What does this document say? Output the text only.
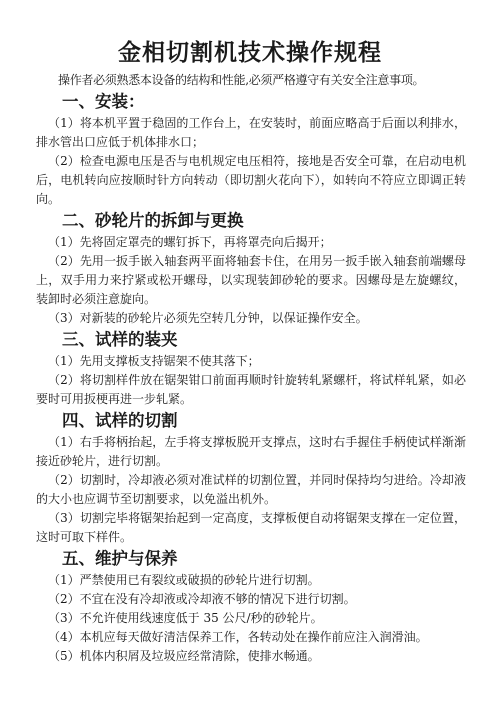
金相切割机技术操作规程
操作者必须熟悉本设备的结构和性能,必须严格遵守有关安全注意事项。
一、安装：

（1）将本机平置于稳固的工作台上，在安装时，前面应略高于后面以利排水，排水管出口应低于机体排水口；

（2）检查电源电压是否与电机规定电压相符，接地是否安全可靠，在启动电机后，电机转向应按顺时针方向转动（即切割火花向下），如转向不符应立即调正转向。

二、砂轮片的拆卸与更换

（1）先将固定罩壳的螺钉拆下，再将罩壳向后揭开；

（2）先用一扳手嵌入轴套两平面将轴套卡住，在用另一扳手嵌入轴套前端螺母上，双手用力来拧紧或松开螺母，以实现装卸砂轮的要求。因螺母是左旋螺纹，装卸时必须注意旋向。

（3）对新装的砂轮片必须先空转几分钟，以保证操作安全。

三、试样的装夹

（1）先用支撑板支持锯架不使其落下；

（2）将切割样件放在锯架钳口前面再顺时针旋转轧紧螺杆，将试样轧紧，如必要时可用扳梗再进一步轧紧。

四、试样的切割

（1）右手将柄抬起，左手将支撑板脱开支撑点，这时右手握住手柄使试样渐渐接近砂轮片，进行切割。

（2）切割时，冷却液必须对准试样的切割位置，并同时保持均匀进给。冷却液的大小也应调节至切割要求，以免溢出机外。

（3）切割完毕将锯架抬起到一定高度，支撑板便自动将锯架支撑在一定位置，这时可取下样件。

五、维护与保养

（1）严禁使用已有裂纹或破损的砂轮片进行切割。

（2）不宜在没有冷却液或冷却液不够的情况下进行切割。

（3）不允许使用线速度低于 35 公尺/秒的砂轮片。

（4）本机应每天做好清洁保养工作，各转动处在操作前应注入润滑油。

（5）机体内积屑及垃圾应经常清除，使排水畅通。
